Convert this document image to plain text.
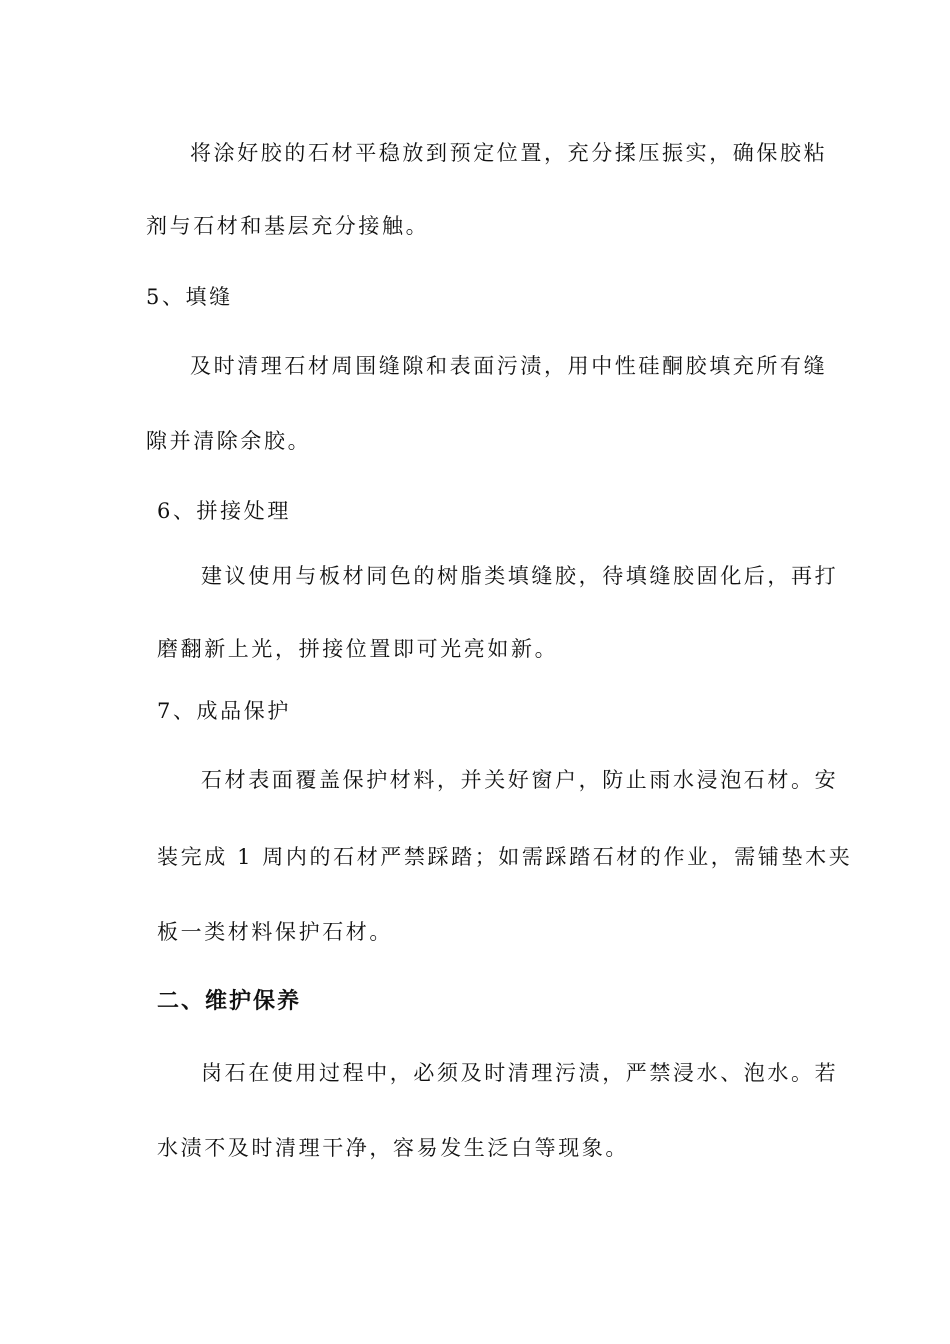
将涂好胶的石材平稳放到预定位置，充分揉压振实，确保胶粘
剂与石材和基层充分接触。
5、填缝
及时清理石材周围缝隙和表面污渍，用中性硅酮胶填充所有缝
隙并清除余胶。
6、拼接处理
建议使用与板材同色的树脂类填缝胶，待填缝胶固化后，再打
磨翻新上光，拼接位置即可光亮如新。
7、成品保护
石材表面覆盖保护材料，并关好窗户，防止雨水浸泡石材。安
装完成 1 周内的石材严禁踩踏；如需踩踏石材的作业，需铺垫木夹
板一类材料保护石材。
二、维护保养
岗石在使用过程中，必须及时清理污渍，严禁浸水、泡水。若
水渍不及时清理干净，容易发生泛白等现象。
